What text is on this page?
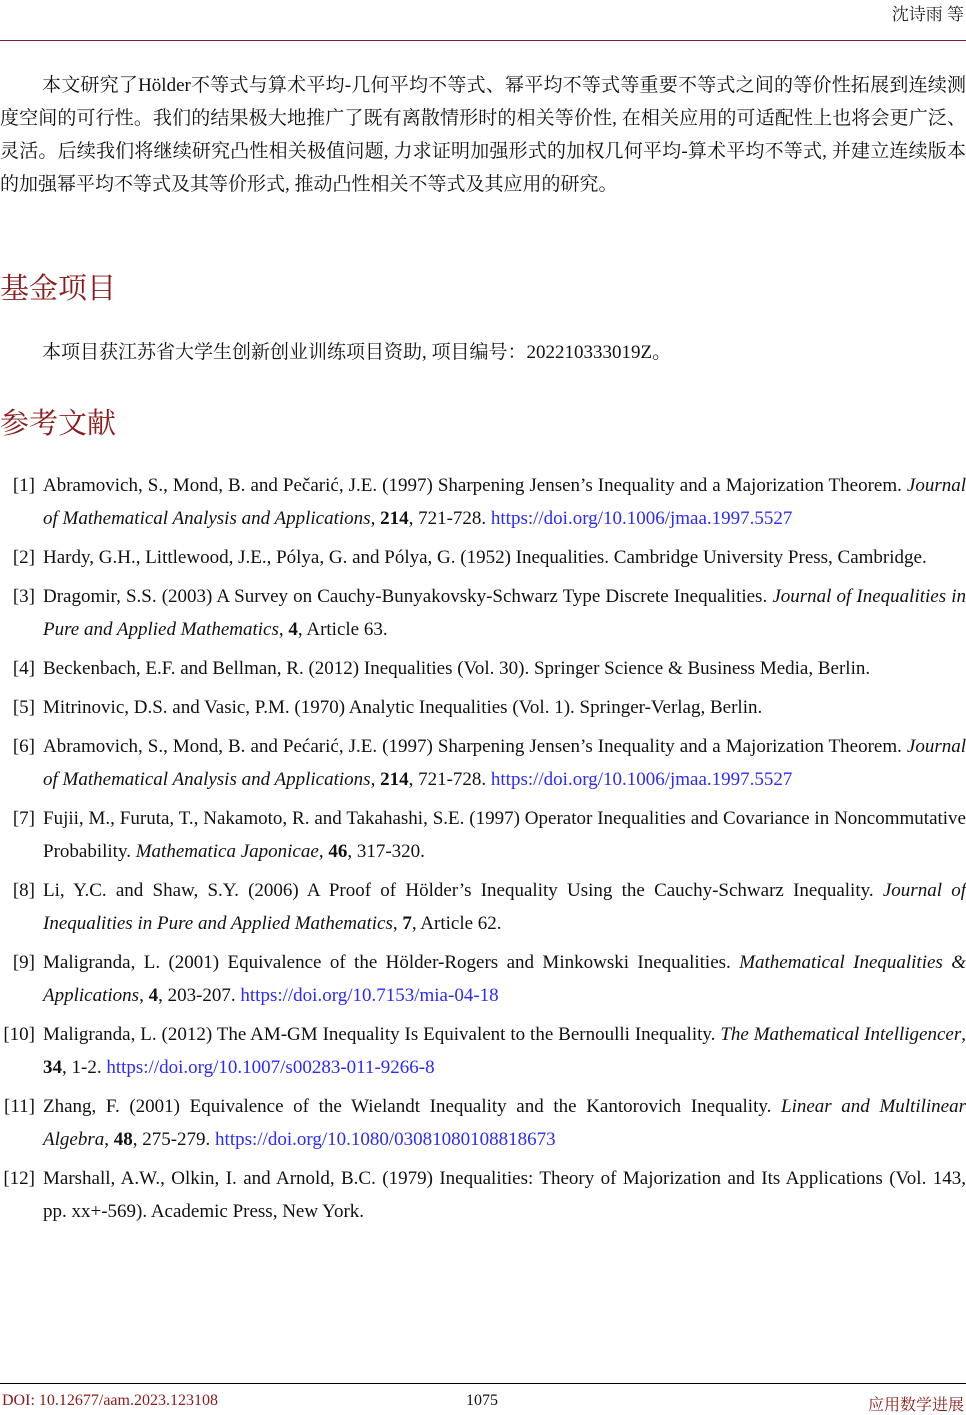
沈诗雨 等
本文研究了Hölder不等式与算术平均-几何平均不等式、幂平均不等式等重要不等式之间的等价性拓展到连续测度空间的可行性。我们的结果极大地推广了既有离散情形时的相关等价性, 在相关应用的可适配性上也将会更广泛、灵活。后续我们将继续研究凸性相关极值问题, 力求证明加强形式的加权几何平均-算术平均不等式, 并建立连续版本的加强幂平均不等式及其等价形式, 推动凸性相关不等式及其应用的研究。
基金项目
本项目获江苏省大学生创新创业训练项目资助, 项目编号：202210333019Z。
参考文献
[1] Abramovich, S., Mond, B. and Pečarić, J.E. (1997) Sharpening Jensen’s Inequality and a Majorization Theorem. Journal of Mathematical Analysis and Applications, 214, 721-728. https://doi.org/10.1006/jmaa.1997.5527
[2] Hardy, G.H., Littlewood, J.E., Pólya, G. and Pólya, G. (1952) Inequalities. Cambridge University Press, Cambridge.
[3] Dragomir, S.S. (2003) A Survey on Cauchy-Bunyakovsky-Schwarz Type Discrete Inequalities. Journal of Inequalities in Pure and Applied Mathematics, 4, Article 63.
[4] Beckenbach, E.F. and Bellman, R. (2012) Inequalities (Vol. 30). Springer Science & Business Media, Berlin.
[5] Mitrinovic, D.S. and Vasic, P.M. (1970) Analytic Inequalities (Vol. 1). Springer-Verlag, Berlin.
[6] Abramovich, S., Mond, B. and Pećarić, J.E. (1997) Sharpening Jensen’s Inequality and a Majorization Theorem. Journal of Mathematical Analysis and Applications, 214, 721-728. https://doi.org/10.1006/jmaa.1997.5527
[7] Fujii, M., Furuta, T., Nakamoto, R. and Takahashi, S.E. (1997) Operator Inequalities and Covariance in Noncommutative Probability. Mathematica Japonicae, 46, 317-320.
[8] Li, Y.C. and Shaw, S.Y. (2006) A Proof of Hölder’s Inequality Using the Cauchy-Schwarz Inequality. Journal of Inequalities in Pure and Applied Mathematics, 7, Article 62.
[9] Maligranda, L. (2001) Equivalence of the Hölder-Rogers and Minkowski Inequalities. Mathematical Inequalities & Applications, 4, 203-207. https://doi.org/10.7153/mia-04-18
[10] Maligranda, L. (2012) The AM-GM Inequality Is Equivalent to the Bernoulli Inequality. The Mathematical Intelligencer, 34, 1-2. https://doi.org/10.1007/s00283-011-9266-8
[11] Zhang, F. (2001) Equivalence of the Wielandt Inequality and the Kantorovich Inequality. Linear and Multilinear Algebra, 48, 275-279. https://doi.org/10.1080/03081080108818673
[12] Marshall, A.W., Olkin, I. and Arnold, B.C. (1979) Inequalities: Theory of Majorization and Its Applications (Vol. 143, pp. xx+-569). Academic Press, New York.
DOI: 10.12677/aam.2023.123108	1075	应用数学进展
